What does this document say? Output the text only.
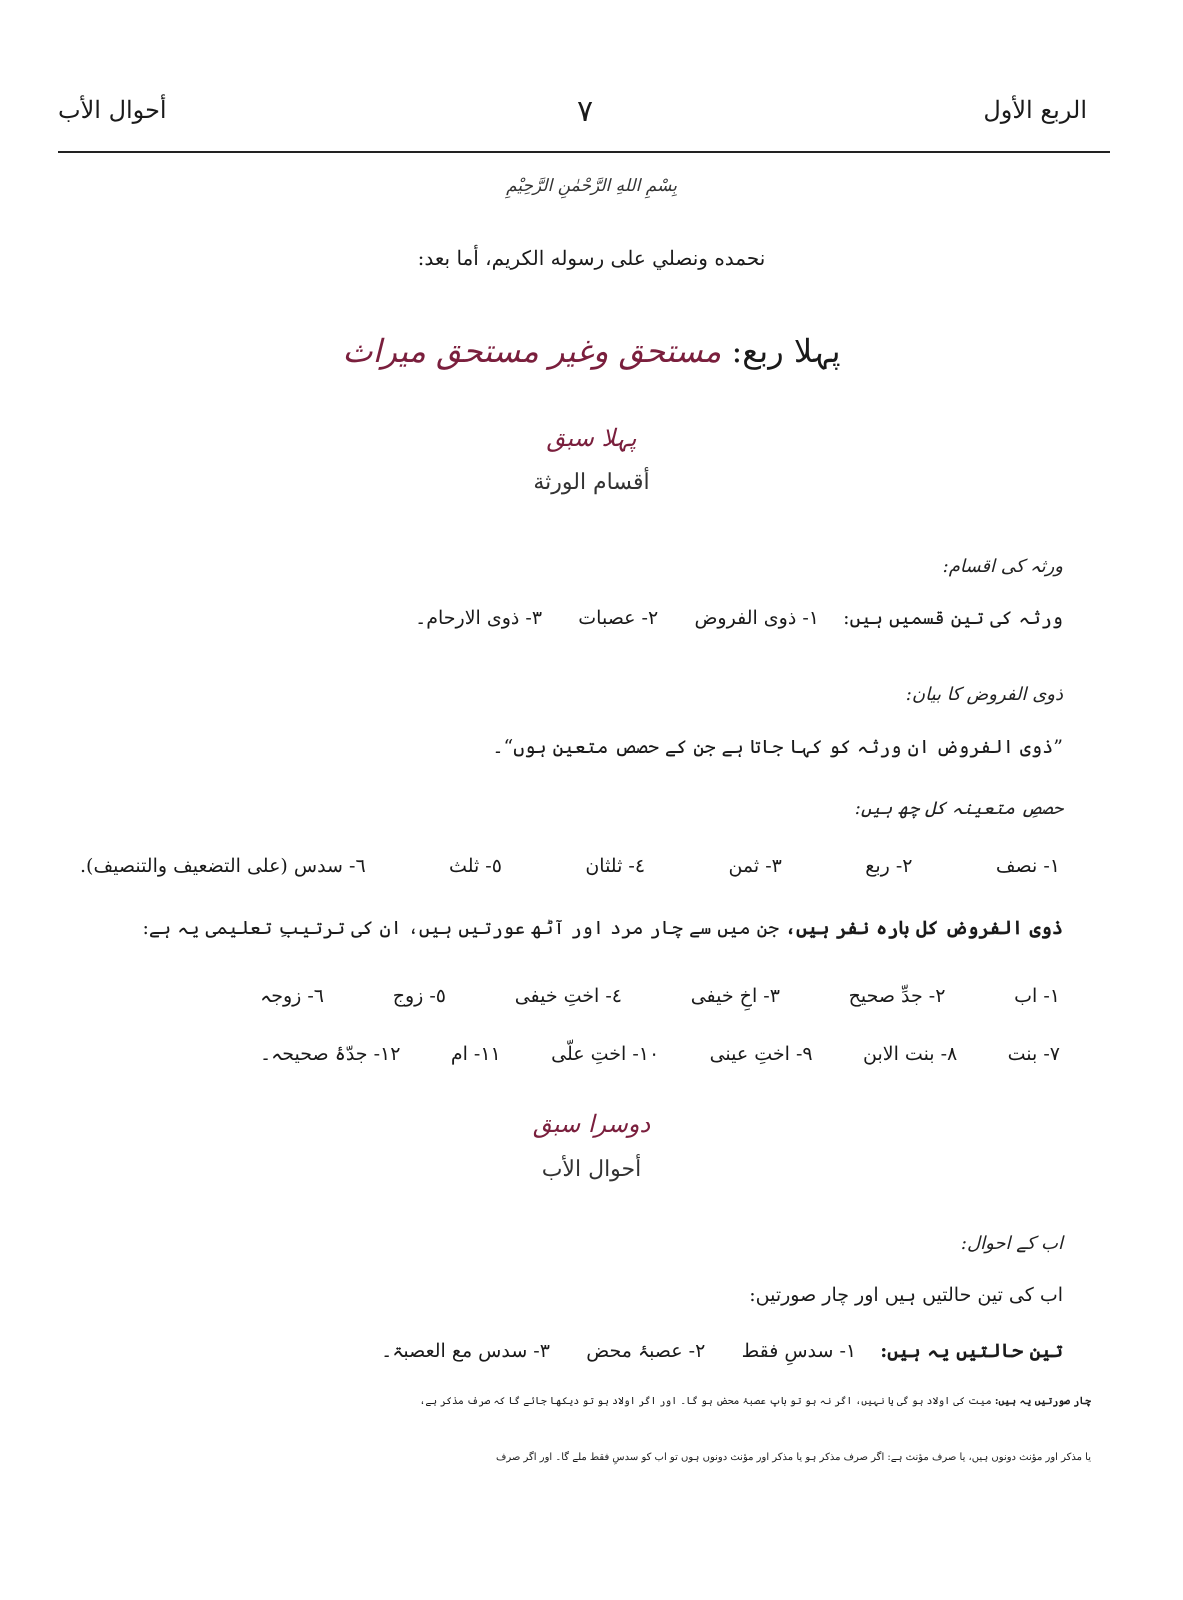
الربع الأول
٧
أحوال الأب
بِسْمِ اللهِ الرَّحْمٰنِ الرَّحِيْمِ
نحمده ونصلي على رسوله الكريم، أما بعد:
پہلا ربع: مستحق وغیر مستحق میراث
پہلا سبق
أقسام الورثة
ورثہ کی اقسام:
ورثہ کی تین قسمیں ہیں:    ١- ذوی الفروض      ٢- عصبات      ٣- ذوی الارحام۔
ذوی الفروض کا بیان:
”ذوی الفروض ان ورثہ کو کہا جاتا ہے جن کے حصص متعین ہوں“۔
حصصِ متعینہ کل چھ ہیں:
١- نصف
٢- ربع
٣- ثمن
٤- ثلثان
٥- ثلث
٦- سدس (على التضعيف والتنصيف).
ذوی الفروض کل بارہ نفر ہیں، جن میں سے چار مرد اور آٹھ عورتیں ہیں، ان کی ترتیبِ تعلیمی یہ ہے:
١- اب
٢- جدِّ صحیح
٣- اخِ خیفی
٤- اختِ خیفی
٥- زوج
٦- زوجہ
٧- بنت
٨- بنت الابن
٩- اختِ عینی
١٠- اختِ علّی
١١- ام
١٢- جدّۂ صحیحہ۔
دوسرا سبق
أحوال الأب
اب کے احوال:
اب کی تین حالتیں ہیں اور چار صورتیں:
تین حالتیں یہ ہیں:    ١- سدسِ فقط      ٢- عصبۂ محض      ٣- سدس مع العصبۃ۔
چار صورتیں یہ ہیں: میت کی اولاد ہو گی یا نہیں، اگر نہ ہو تو باپ عصبۂ محض ہو گا۔ اور اگر اولاد ہو تو دیکھا جائے گا کہ صرف مذکر ہے،
یا مذکر اور مؤنث دونوں ہیں، یا صرف مؤنث ہے: اگر صرف مذکر ہو یا مذکر اور مؤنث دونوں ہوں تو اب کو سدسِ فقط ملے گا۔ اور اگر صرف
